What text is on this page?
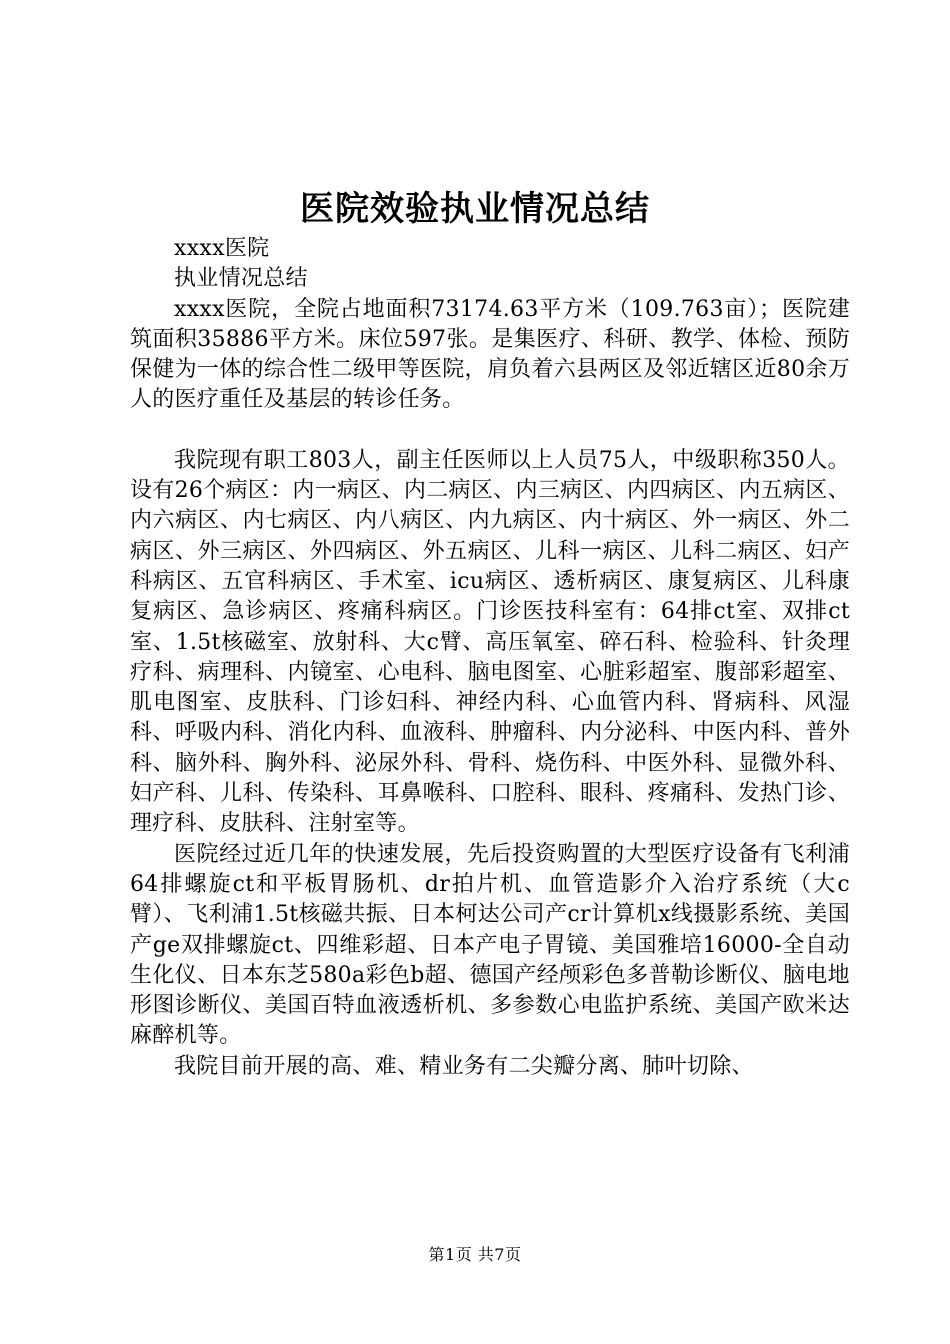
医院效验执业情况总结

xxxx医院

执业情况总结

xxxx医院，全院占地面积73174.63平方米（109.763亩）；医院建筑面积35886平方米。床位597张。是集医疗、科研、教学、体检、预防保健为一体的综合性二级甲等医院，肩负着六县两区及邻近辖区近80余万人的医疗重任及基层的转诊任务。

我院现有职工803人，副主任医师以上人员75人，中级职称350人。设有26个病区：内一病区、内二病区、内三病区、内四病区、内五病区、内六病区、内七病区、内八病区、内九病区、内十病区、外一病区、外二病区、外三病区、外四病区、外五病区、儿科一病区、儿科二病区、妇产科病区、五官科病区、手术室、icu病区、透析病区、康复病区、儿科康复病区、急诊病区、疼痛科病区。门诊医技科室有：64排ct室、双排ct室、1.5t核磁室、放射科、大c臂、高压氧室、碎石科、检验科、针灸理疗科、病理科、内镜室、心电科、脑电图室、心脏彩超室、腹部彩超室、肌电图室、皮肤科、门诊妇科、神经内科、心血管内科、肾病科、风湿科、呼吸内科、消化内科、血液科、肿瘤科、内分泌科、中医内科、普外科、脑外科、胸外科、泌尿外科、骨科、烧伤科、中医外科、显微外科、妇产科、儿科、传染科、耳鼻喉科、口腔科、眼科、疼痛科、发热门诊、理疗科、皮肤科、注射室等。

医院经过近几年的快速发展，先后投资购置的大型医疗设备有飞利浦64排螺旋ct和平板胃肠机、dr拍片机、血管造影介入治疗系统（大c臂）、飞利浦1.5t核磁共振、日本柯达公司产cr计算机x线摄影系统、美国产ge双排螺旋ct、四维彩超、日本产电子胃镜、美国雅培16000-全自动生化仪、日本东芝580a彩色b超、德国产经颅彩色多普勒诊断仪、脑电地形图诊断仪、美国百特血液透析机、多参数心电监护系统、美国产欧米达麻醉机等。

我院目前开展的高、难、精业务有二尖瓣分离、肺叶切除、

第1页 共7页
